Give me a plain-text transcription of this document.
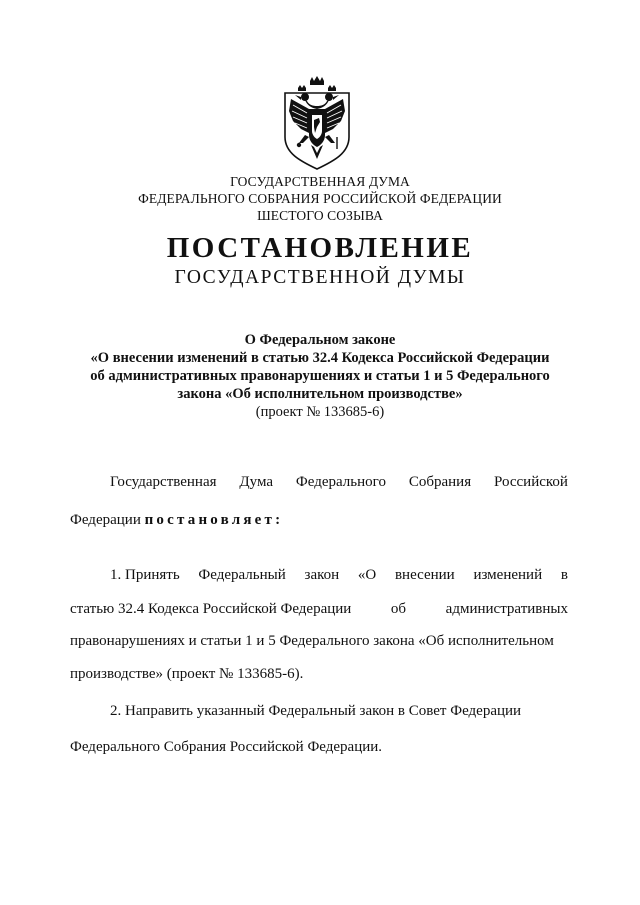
ГОСУДАРСТВЕННАЯ ДУМА
ФЕДЕРАЛЬНОГО СОБРАНИЯ РОССИЙСКОЙ ФЕДЕРАЦИИ
ШЕСТОГО СОЗЫВА
ПОСТАНОВЛЕНИЕ
ГОСУДАРСТВЕННОЙ ДУМЫ
О Федеральном законе
«О внесении изменений в статью 32.4 Кодекса Российской Федерации
об административных правонарушениях и статьи 1 и 5 Федерального
закона «Об исполнительном производстве»
(проект № 133685-6)
Государственная Дума Федерального Собрания Российской
Федерации постановляет:
1. Принять Федеральный закон «О внесении изменений в
статью 32.4 Кодекса Российской Федерации	об	административных
правонарушениях и статьи 1 и 5 Федерального закона «Об исполнительном
производстве» (проект № 133685-6).
2. Направить указанный Федеральный закон в Совет Федерации
Федерального Собрания Российской Федерации.
